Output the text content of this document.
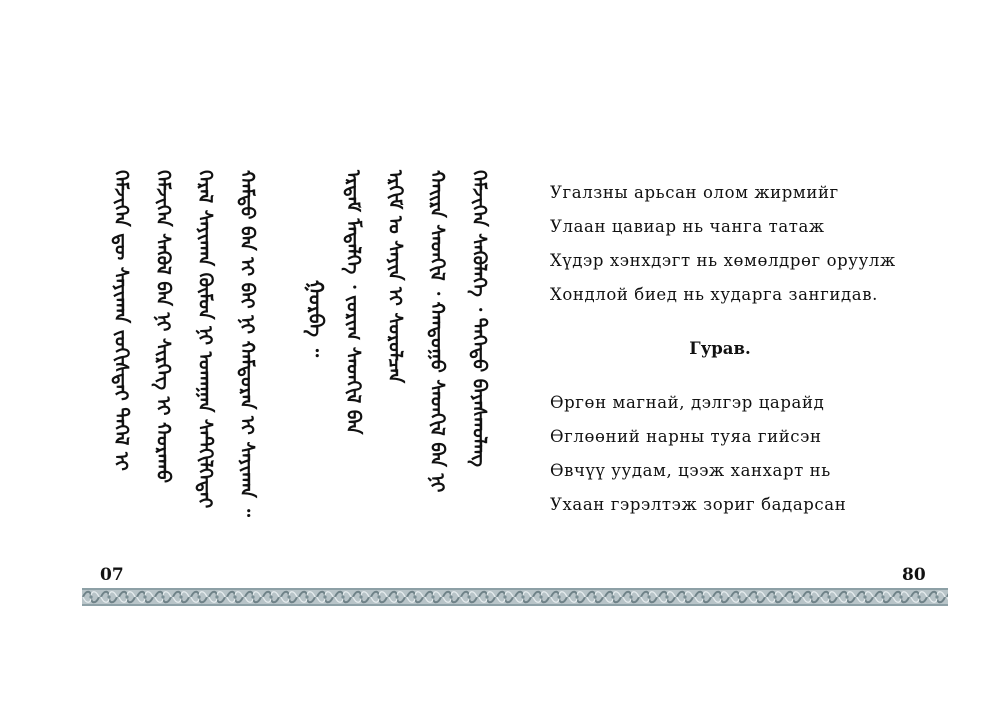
ᠬᠡᠮᠵᠢᠭᠡᠨ ᠳᠦ ᠰᠠᠶᠢᠬᠠᠨ ᠵᠣᠬᠢᠰᠲᠠᠢ ᠳᠡᠭᠡᠯ ᠢ ᠬᠡᠮᠵᠢᠭᠡᠨ ᠰᠡᠭᠦᠯ ᠪᠡᠨ ᠨᠢ ᠰᠢᠷᠭᠡᠭ ᠢ ᠬᠤᠷᠠᠬᠤ ᠭᠡᠷᠡᠯ ᠰᠠᠶᠢᠬᠠᠨ ᠬᠦᠮᠦᠨ ᠨᠢ ᠤᠬᠠᠭᠠᠨ ᠰᠡᠲᠭᠢᠯᠭᠡᠲᠡᠢ ᠬᠠᠮᠲᠤ ᠪᠡᠨ ᠢ ᠪᠠᠢ ᠨᠢ ᠬᠠᠮᠲᠤᠷᠠᠨ ᠢ ᠰᠠᠶᠢᠬᠠᠨ ᠃ ᠭᠤᠷᠪᠠ ᠃ ᠡᠷᠳᠡᠮ ᠮᠡᠳᠡᠯᠭᠡ ᠂ ᠵᠣᠷᠢᠭ ᠰᠡᠳᠬᠢᠯ ᠪᠡᠨ ᠡᠷᠬᠢᠮ ᠣ ᠰᠠᠶᠢᠨ ᠢ ᠰᠤᠷᠤᠯᠴᠠᠨ ᠬᠠᠢᠷᠠ ᠰᠡᠳᠬᠢᠯ ᠂ ᠬᠠᠨᠳᠤᠭᠤ ᠰᠡᠳᠬᠢᠯ ᠪᠡᠨ ᠨᠢ ᠬᠡᠮᠵᠢᠭᠡᠨ ᠰᠡᠭᠦᠯᠡᠭᠡ ᠂ ᠳᠡᠭᠡᠳᠦ ᠪᠠᠶᠠᠰᠬᠤᠯᠠᠩ	Угалзны арьсан олом жирмийг
Улаан цавиар нь чанга татаж
Хүдэр хэнхдэгт нь хөмөлдрөг оруулж
Хондлой биед нь хударга зангидав.
Гурав.
Өргөн магнай, дэлгэр царайд
Өглөөний нарны туяа гийсэн
Өвчүү уудам, цээж ханхарт нь
Ухаан гэрэлтэж зориг бадарсан
07	80
